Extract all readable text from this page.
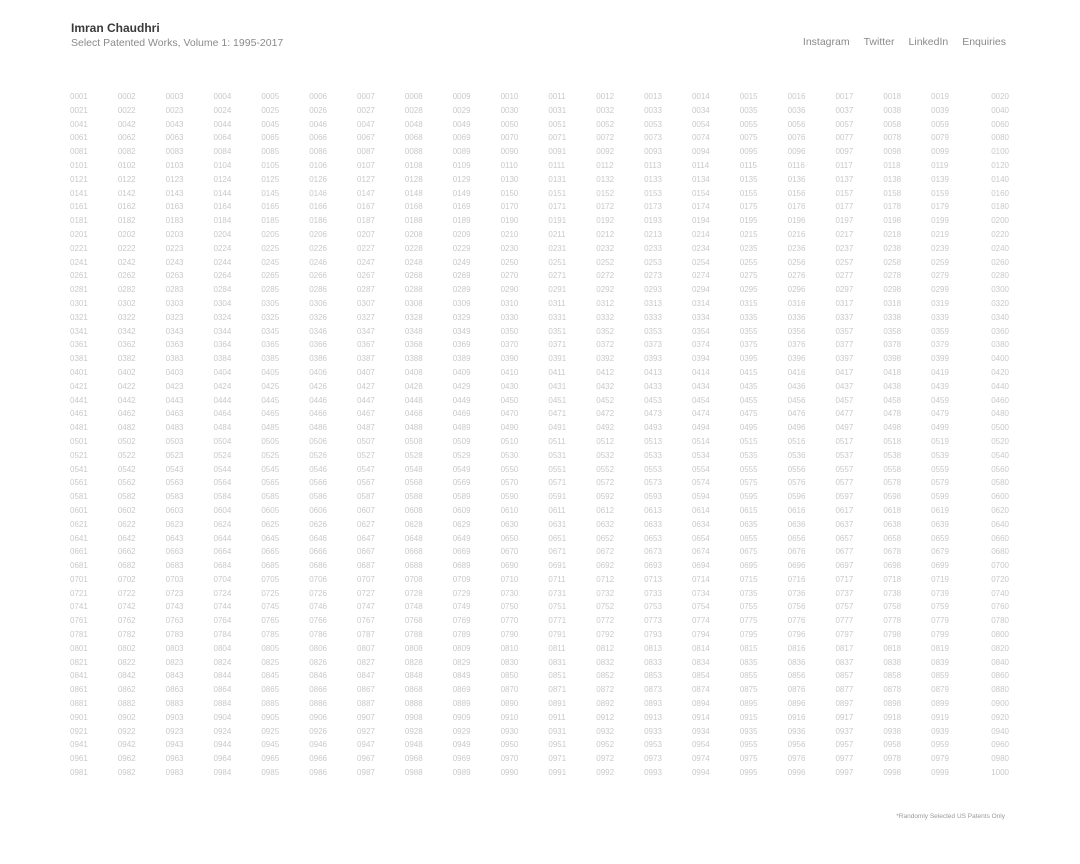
Imran Chaudhri

Select Patented Works, Volume 1: 1995-2017	Instagram Twitter LinkedIn Enquiries
0001	0002	0003	0004	0005	0006	0007	0008	0009	0010	0011	0012	0013	0014	0015	0016	0017	0018	0019	0020
0021	0022	0023	0024	0025	0026	0027	0028	0029	0030	0031	0032	0033	0034	0035	0036	0037	0038	0039	0040
0041	0042	0043	0044	0045	0046	0047	0048	0049	0050	0051	0052	0053	0054	0055	0056	0057	0058	0059	0060
0061	0062	0063	0064	0065	0066	0067	0068	0069	0070	0071	0072	0073	0074	0075	0076	0077	0078	0079	0080
0081	0082	0083	0084	0085	0086	0087	0088	0089	0090	0091	0092	0093	0094	0095	0096	0097	0098	0099	0100
0101	0102	0103	0104	0105	0106	0107	0108	0109	0110	0111	0112	0113	0114	0115	0116	0117	0118	0119	0120
0121	0122	0123	0124	0125	0126	0127	0128	0129	0130	0131	0132	0133	0134	0135	0136	0137	0138	0139	0140
0141	0142	0143	0144	0145	0146	0147	0148	0149	0150	0151	0152	0153	0154	0155	0156	0157	0158	0159	0160
0161	0162	0163	0164	0165	0166	0167	0168	0169	0170	0171	0172	0173	0174	0175	0176	0177	0178	0179	0180
0181	0182	0183	0184	0185	0186	0187	0188	0189	0190	0191	0192	0193	0194	0195	0196	0197	0198	0199	0200
0201	0202	0203	0204	0205	0206	0207	0208	0209	0210	0211	0212	0213	0214	0215	0216	0217	0218	0219	0220
0221	0222	0223	0224	0225	0226	0227	0228	0229	0230	0231	0232	0233	0234	0235	0236	0237	0238	0239	0240
0241	0242	0243	0244	0245	0246	0247	0248	0249	0250	0251	0252	0253	0254	0255	0256	0257	0258	0259	0260
0261	0262	0263	0264	0265	0266	0267	0268	0269	0270	0271	0272	0273	0274	0275	0276	0277	0278	0279	0280
0281	0282	0283	0284	0285	0286	0287	0288	0289	0290	0291	0292	0293	0294	0295	0296	0297	0298	0299	0300
0301	0302	0303	0304	0305	0306	0307	0308	0309	0310	0311	0312	0313	0314	0315	0316	0317	0318	0319	0320
0321	0322	0323	0324	0325	0326	0327	0328	0329	0330	0331	0332	0333	0334	0335	0336	0337	0338	0339	0340
0341	0342	0343	0344	0345	0346	0347	0348	0349	0350	0351	0352	0353	0354	0355	0356	0357	0358	0359	0360
0361	0362	0363	0364	0365	0366	0367	0368	0369	0370	0371	0372	0373	0374	0375	0376	0377	0378	0379	0380
0381	0382	0383	0384	0385	0386	0387	0388	0389	0390	0391	0392	0393	0394	0395	0396	0397	0398	0399	0400
0401	0402	0403	0404	0405	0406	0407	0408	0409	0410	0411	0412	0413	0414	0415	0416	0417	0418	0419	0420
0421	0422	0423	0424	0425	0426	0427	0428	0429	0430	0431	0432	0433	0434	0435	0436	0437	0438	0439	0440
0441	0442	0443	0444	0445	0446	0447	0448	0449	0450	0451	0452	0453	0454	0455	0456	0457	0458	0459	0460
0461	0462	0463	0464	0465	0466	0467	0468	0469	0470	0471	0472	0473	0474	0475	0476	0477	0478	0479	0480
0481	0482	0483	0484	0485	0486	0487	0488	0489	0490	0491	0492	0493	0494	0495	0496	0497	0498	0499	0500
0501	0502	0503	0504	0505	0506	0507	0508	0509	0510	0511	0512	0513	0514	0515	0516	0517	0518	0519	0520
0521	0522	0523	0524	0525	0526	0527	0528	0529	0530	0531	0532	0533	0534	0535	0536	0537	0538	0539	0540
0541	0542	0543	0544	0545	0546	0547	0548	0549	0550	0551	0552	0553	0554	0555	0556	0557	0558	0559	0560
0561	0562	0563	0564	0565	0566	0567	0568	0569	0570	0571	0572	0573	0574	0575	0576	0577	0578	0579	0580
0581	0582	0583	0584	0585	0586	0587	0588	0589	0590	0591	0592	0593	0594	0595	0596	0597	0598	0599	0600
0601	0602	0603	0604	0605	0606	0607	0608	0609	0610	0611	0612	0613	0614	0615	0616	0617	0618	0619	0620
0621	0622	0623	0624	0625	0626	0627	0628	0629	0630	0631	0632	0633	0634	0635	0636	0637	0638	0639	0640
0641	0642	0643	0644	0645	0646	0647	0648	0649	0650	0651	0652	0653	0654	0655	0656	0657	0658	0659	0660
0661	0662	0663	0664	0665	0666	0667	0668	0669	0670	0671	0672	0673	0674	0675	0676	0677	0678	0679	0680
0681	0682	0683	0684	0685	0686	0687	0688	0689	0690	0691	0692	0693	0694	0695	0696	0697	0698	0699	0700
0701	0702	0703	0704	0705	0706	0707	0708	0709	0710	0711	0712	0713	0714	0715	0716	0717	0718	0719	0720
0721	0722	0723	0724	0725	0726	0727	0728	0729	0730	0731	0732	0733	0734	0735	0736	0737	0738	0739	0740
0741	0742	0743	0744	0745	0746	0747	0748	0749	0750	0751	0752	0753	0754	0755	0756	0757	0758	0759	0760
0761	0762	0763	0764	0765	0766	0767	0768	0769	0770	0771	0772	0773	0774	0775	0776	0777	0778	0779	0780
0781	0782	0783	0784	0785	0786	0787	0788	0789	0790	0791	0792	0793	0794	0795	0796	0797	0798	0799	0800
0801	0802	0803	0804	0805	0806	0807	0808	0809	0810	0811	0812	0813	0814	0815	0816	0817	0818	0819	0820
0821	0822	0823	0824	0825	0826	0827	0828	0829	0830	0831	0832	0833	0834	0835	0836	0837	0838	0839	0840
0841	0842	0843	0844	0845	0846	0847	0848	0849	0850	0851	0852	0853	0854	0855	0856	0857	0858	0859	0860
0861	0862	0863	0864	0865	0866	0867	0868	0869	0870	0871	0872	0873	0874	0875	0876	0877	0878	0879	0880
0881	0882	0883	0884	0885	0886	0887	0888	0889	0890	0891	0892	0893	0894	0895	0896	0897	0898	0899	0900
0901	0902	0903	0904	0905	0906	0907	0908	0909	0910	0911	0912	0913	0914	0915	0916	0917	0918	0919	0920
0921	0922	0923	0924	0925	0926	0927	0928	0929	0930	0931	0932	0933	0934	0935	0936	0937	0938	0939	0940
0941	0942	0943	0944	0945	0946	0947	0948	0949	0950	0951	0952	0953	0954	0955	0956	0957	0958	0959	0960
0961	0962	0963	0964	0965	0966	0967	0968	0969	0970	0971	0972	0973	0974	0975	0976	0977	0978	0979	0980
0981	0982	0983	0984	0985	0986	0987	0988	0989	0990	0991	0992	0993	0994	0995	0996	0997	0998	0999	1000
*Randomly Selected US Patents Only
